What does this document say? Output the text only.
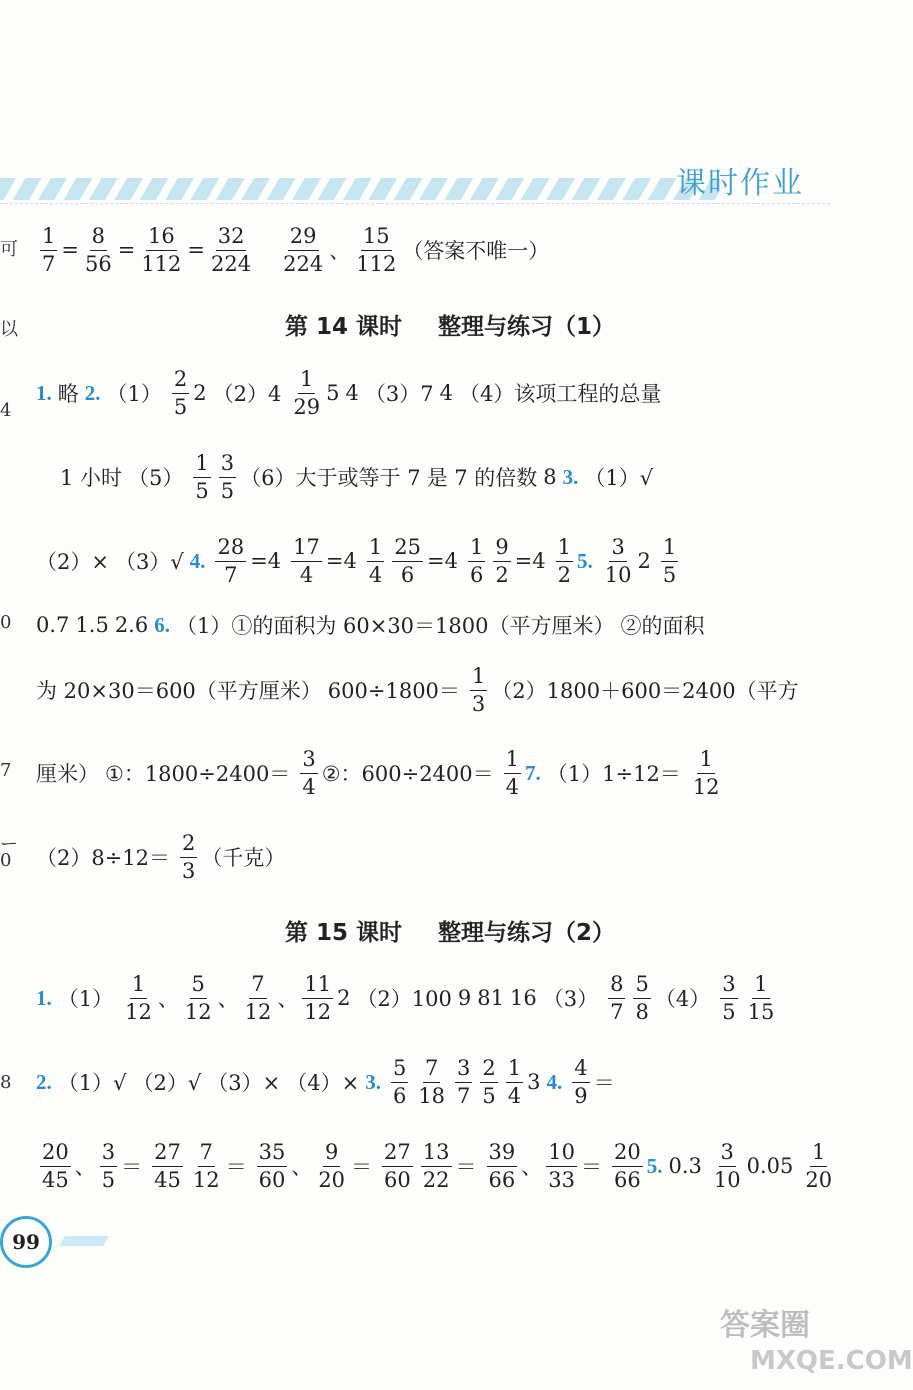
课时作业
可
以
4
0
7
ー
0
8
$\frac{1}{7} = \frac{8}{56} = \frac{16}{112} = \frac{32}{224} \frac{29}{224}$ 、 $\frac{15}{112}$ （答案不唯一）
第 14 课时 整理与练习（1）
1. 略 2. $(1) \frac{2}{5} 2$ $(2)4 \frac{1}{29} 5$ 4 （3）7 4 （4）该项工程的总量
1 小时 $(5) \frac{1}{5} \frac{3}{5} (6)$大于或等于 7 是 7 的倍数 8 3. （1）√
（2）× （3）√ 4. $\frac{28}{7} =4 \frac{17}{4} =4 \frac{1}{4} \frac{25}{6} =4 \frac{1}{6} \frac{9}{2} =4 \frac{1}{2} 5$. $\frac{3}{10} 2 \frac{1}{5}$
0.7 1.5 2.6 6. （1）①的面积为 60×30＝1800（平方厘米） ②的面积
为 20×30＝600（平方厘米） $600\div 1800= \frac{1}{3} (2)1800+600=2400$（平方
厘米） ①：$1800\div 2400= \frac{3}{4}$ ②：$600\div 2400= \frac{1}{4} 7$. $(1)1\div 12= \frac{1}{12}$
$(2)8\div 12= \frac{2}{3}$ （千克）
第 15 课时 整理与练习（2）
1. $(1) \frac{1}{12}$ 、 $\frac{5}{12}$ 、 $\frac{7}{12}$ 、 $\frac{11}{12} 2$ （2）100 9 81 16 $(3) \frac{8}{7} \frac{5}{8} (4) \frac{3}{5} \frac{1}{15}$
2. （1）√ （2）√ （3）× （4）× 3. $\frac{5}{6} \frac{7}{18} \frac{3}{7} \frac{2}{5} \frac{1}{4} 3$ 4. $\frac{4}{9}$ ＝
$\frac{20}{45}$ 、 $\frac{3}{5} = \frac{27}{45} \frac{7}{12} = \frac{35}{60}$ 、 $\frac{9}{20} = \frac{27}{60} \frac{13}{22} = \frac{39}{66}$ 、 $\frac{10}{33} = \frac{20}{66} 5$. $0.3 \frac{3}{10} 0.05 \frac{1}{20}$
99
答案圈
MXQE.COM
